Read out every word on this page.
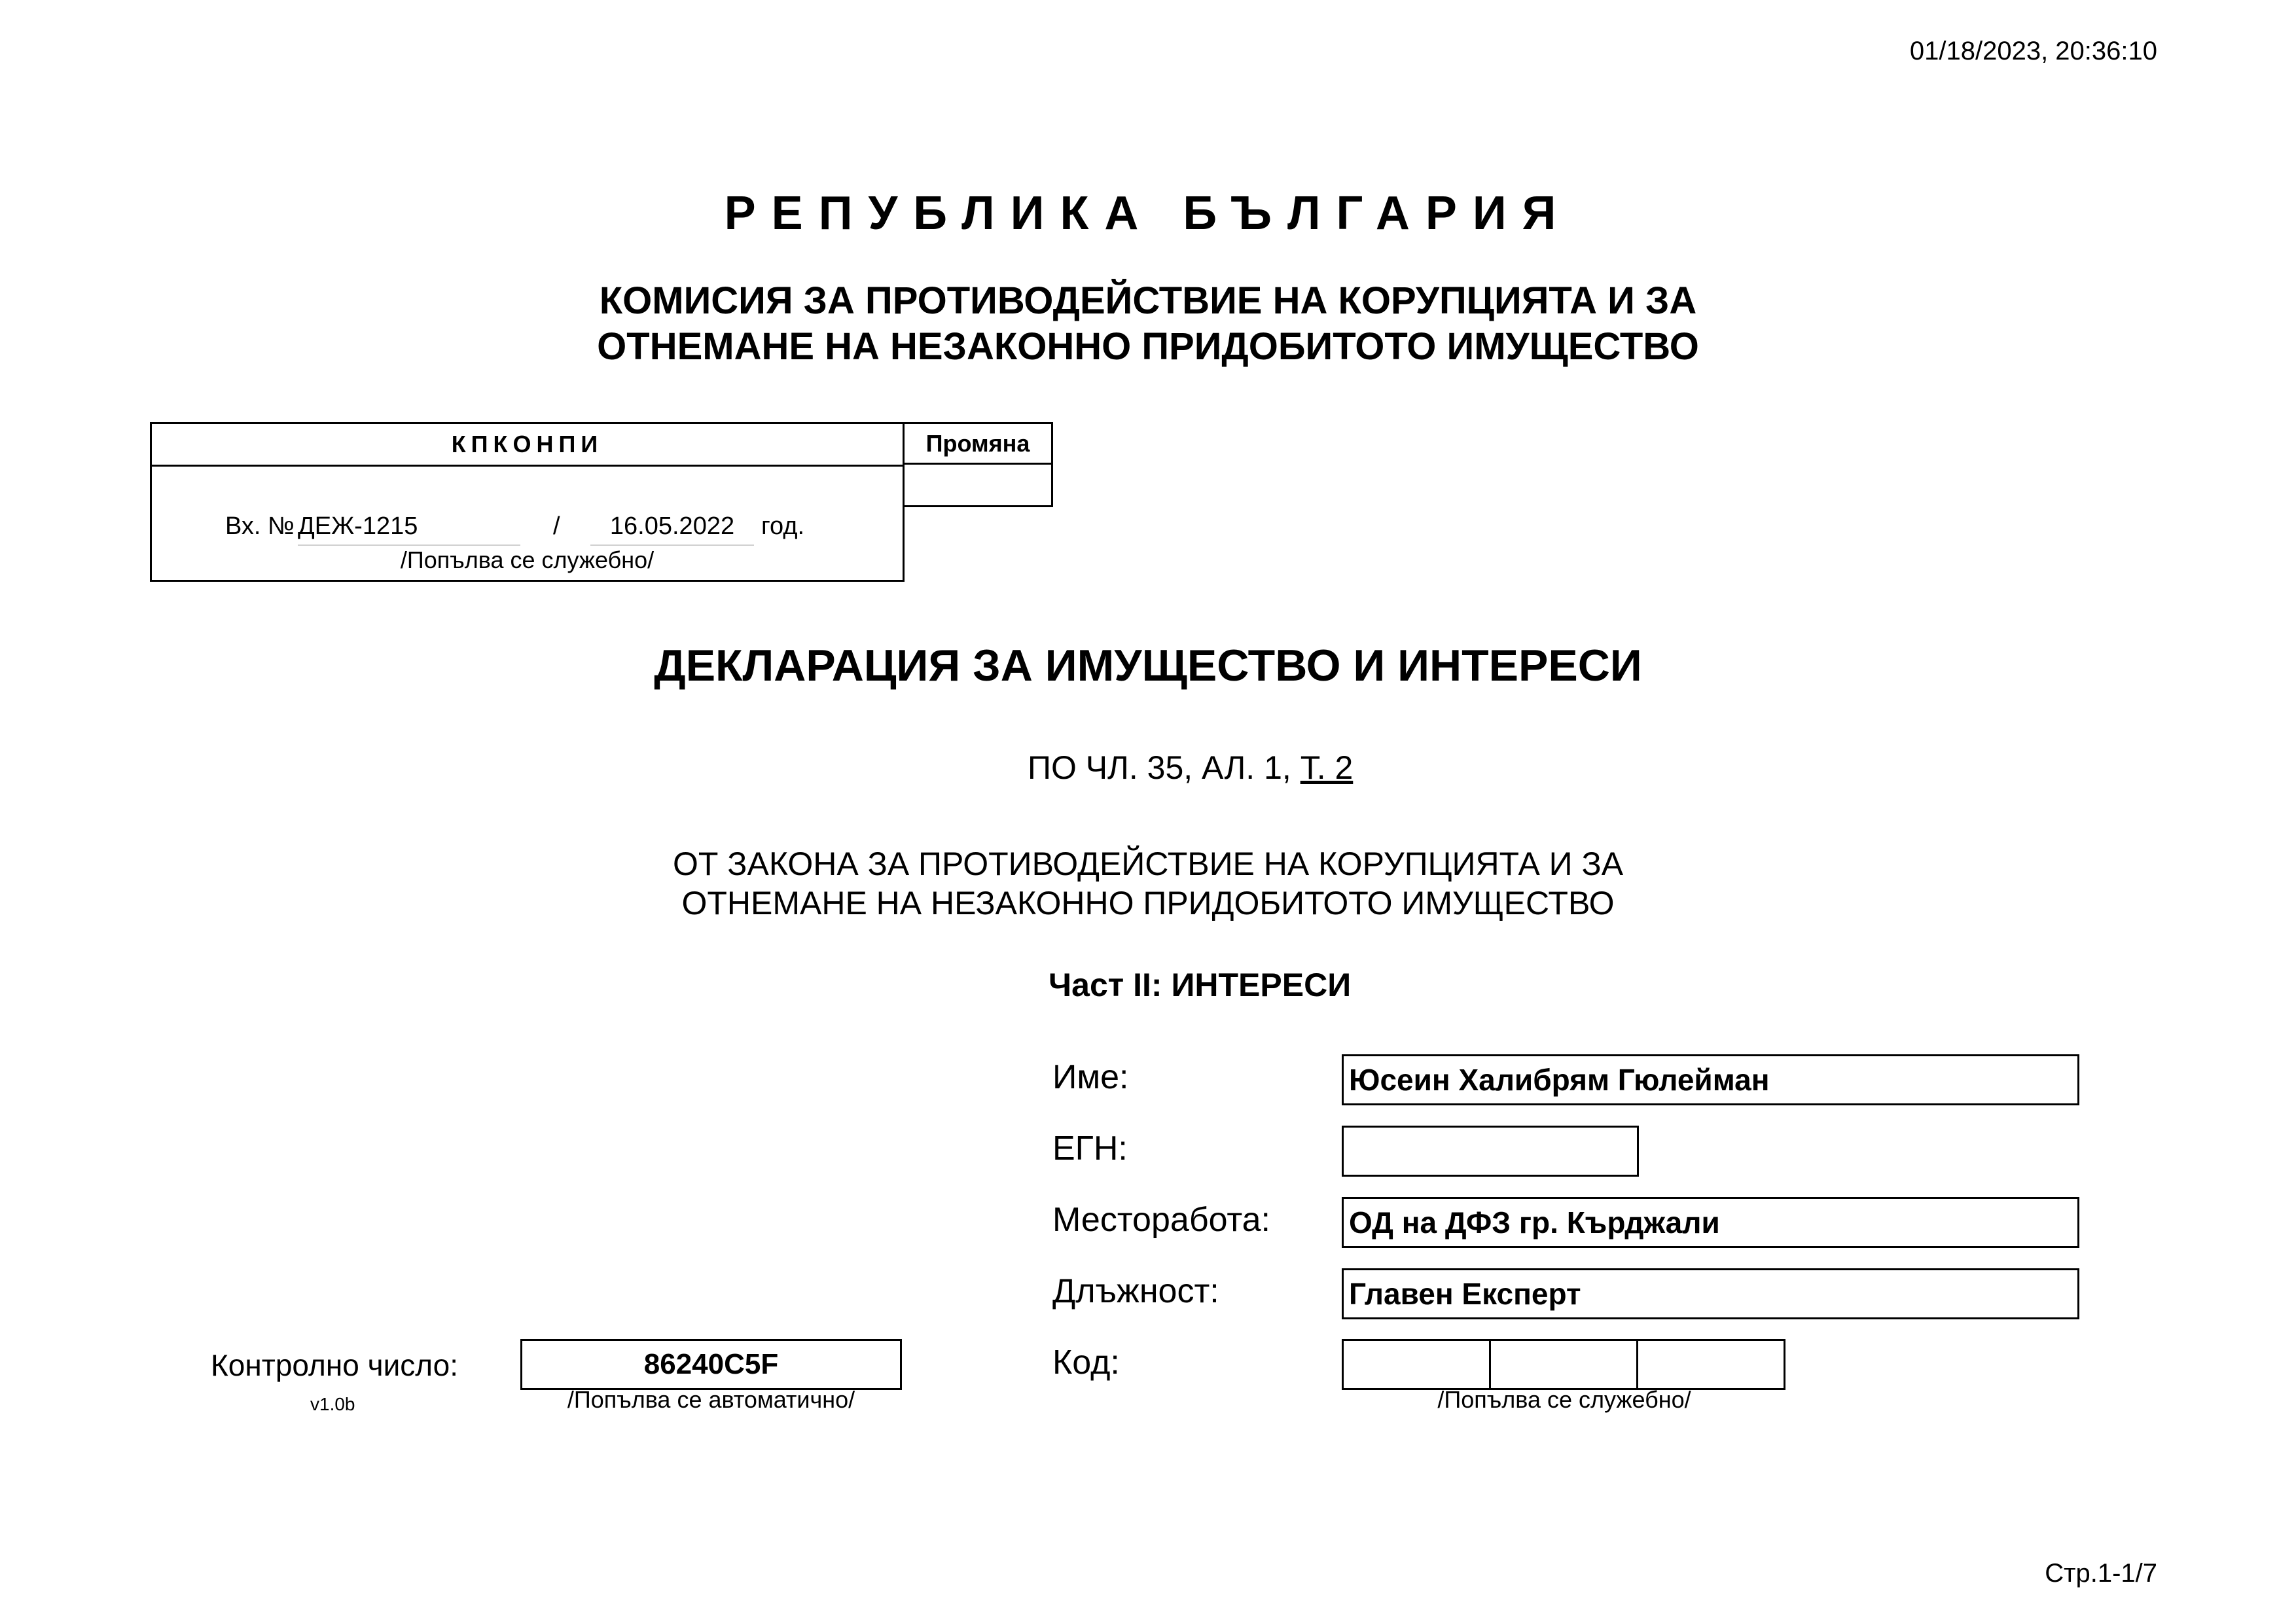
01/18/2023, 20:36:10
РЕПУБЛИКА БЪЛГАРИЯ
КОМИСИЯ ЗА ПРОТИВОДЕЙСТВИЕ НА КОРУПЦИЯТА И ЗА
ОТНЕМАНЕ НА НЕЗАКОННО ПРИДОБИТОТО ИМУЩЕСТВО
КПКОНПИ
Вх. № ДЕЖ-1215	/	16.05.2022	год.
/Попълва се служебно/
Промяна
ДЕКЛАРАЦИЯ ЗА ИМУЩЕСТВО И ИНТЕРЕСИ
ПО ЧЛ. 35, АЛ. 1, Т. 2
ОТ ЗАКОНА ЗА ПРОТИВОДЕЙСТВИЕ НА КОРУПЦИЯТА И ЗА
ОТНЕМАНЕ НА НЕЗАКОННО ПРИДОБИТОТО ИМУЩЕСТВО
Част II: ИНТЕРЕСИ
Име:	Юсеин Халибрям Гюлейман
ЕГН:
Месторабота:	ОД на ДФЗ гр. Кърджали
Длъжност:	Главен Експерт
Код:
/Попълва се служебно/
Контролно число:	86240C5F
/Попълва се автоматично/
v1.0b
Стр.1-1/7
